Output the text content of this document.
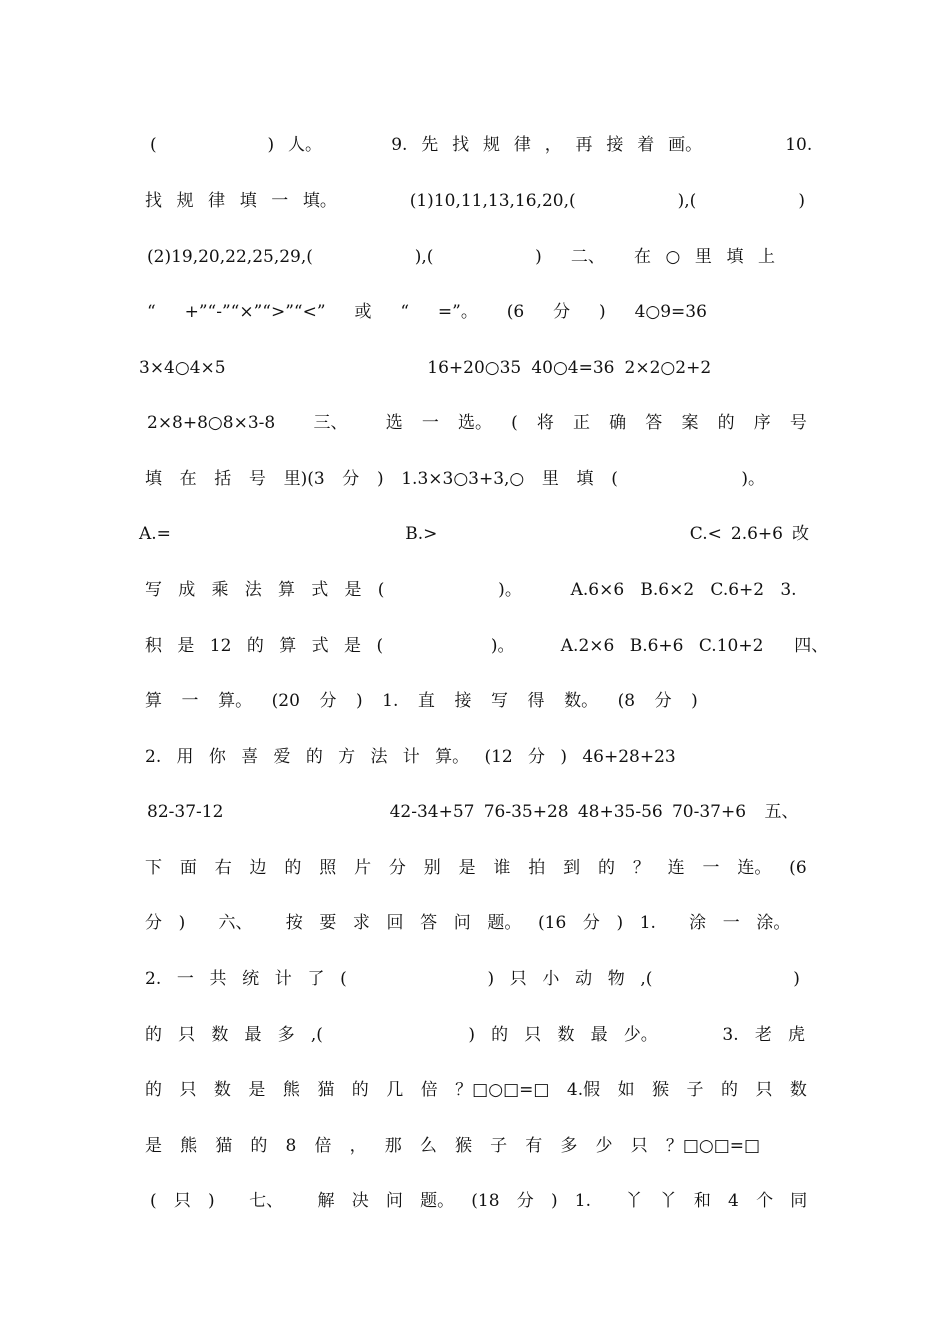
(        ) 人。     9. 先 找 规 律 ， 再 接 着 画。      10.
找 规 律 填 一 填。     (1)10,11,13,16,20,(       ),(       )
(2)19,20,22,25,29,(       ),(       )  二、  在 ○ 里 填 上
“ +”“-”“×”“>”“<” 或 “ =”。 (6 分 ) 4○9=36
3×4○4×5                    16+20○35 40○4=36 2×2○2+2
2×8+8○8×3-8  三、  选 一 选。 ( 将 正 确 答 案 的 序 号
填 在 括 号 里)(3 分 ) 1.3×3○3+3,○ 里 填 (       )。
A.=                          B.>                            C.< 2.6+6 改
写 成 乘 法 算 式 是 (       )。   A.6×6 B.6×2 C.6+2 3.
积 是 12 的 算 式 是 (       )。   A.2×6 B.6+6 C.10+2  四、
算 一 算。 (20 分 ) 1. 直 接 写 得 数。 (8 分 )
2. 用 你 喜 爱 的 方 法 计 算。 (12 分 ) 46+28+23
82-37-12                  42-34+57 76-35+28 48+35-56 70-37+6  五、
下 面 右 边 的 照 片 分 别 是 谁 拍 到 的 ？ 连 一 连。 (6
分 )  六、  按 要 求 回 答 问 题。 (16 分 ) 1.  涂 一 涂。
2. 一 共 统 计 了 (         ) 只 小 动 物 ,(         )
的 只 数 最 多 ,(         ) 的 只 数 最 少。    3. 老 虎
的 只 数 是 熊 猫 的 几 倍 ？□○□=□ 4.假 如 猴 子 的 只 数
是 熊 猫 的 8 倍 ， 那 么 猴 子 有 多 少 只 ？□○□=□
( 只 )  七、  解 决 问 题。 (18 分 ) 1.  丫 丫 和 4 个 同
